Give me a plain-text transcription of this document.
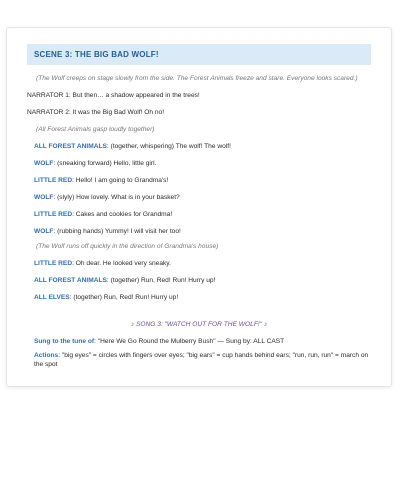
SCENE 3: THE BIG BAD WOLF!

(The Wolf creeps on stage slowly from the side. The Forest Animals freeze and stare. Everyone looks scared.)

NARRATOR 1: But then… a shadow appeared in the trees!

NARRATOR 2: It was the Big Bad Wolf! Oh no!

(All Forest Animals gasp loudly together)

ALL FOREST ANIMALS: (together, whispering) The wolf! The wolf!

WOLF: (sneaking forward) Hello, little girl.

LITTLE RED: Hello! I am going to Grandma's!

WOLF: (slyly) How lovely. What is in your basket?

LITTLE RED: Cakes and cookies for Grandma!

WOLF: (rubbing hands) Yummy! I will visit her too!

(The Wolf runs off quickly in the direction of Grandma's house)

LITTLE RED: Oh dear. He looked very sneaky.

ALL FOREST ANIMALS: (together) Run, Red! Run! Hurry up!

ALL ELVES: (together) Run, Red! Run! Hurry up!

♪ SONG 3: "WATCH OUT FOR THE WOLF!" ♪

Sung to the tune of: "Here We Go Round the Mulberry Bush" — Sung by: ALL CAST

Actions: "big eyes" = circles with fingers over eyes; "big ears" = cup hands behind ears; "run, run, run" = march on the spot
